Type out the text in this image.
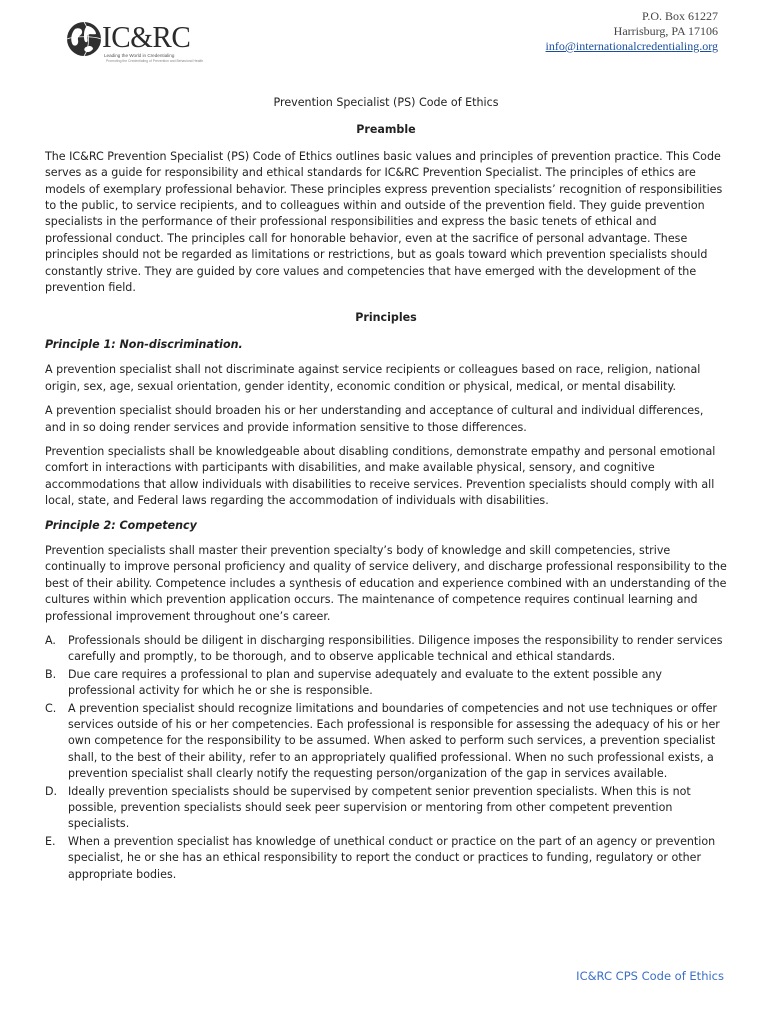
IC&RC
Leading the World in Credentialing
Promoting the Credentialing of Prevention and Behavioral Health
P.O. Box 61227
Harrisburg, PA 17106
info@internationalcredentialing.org
Prevention Specialist (PS) Code of Ethics
Preamble

The IC&RC Prevention Specialist (PS) Code of Ethics outlines basic values and principles of prevention practice. This Code serves as a guide for responsibility and ethical standards for IC&RC Prevention Specialist. The principles of ethics are models of exemplary professional behavior. These principles express prevention specialists’ recognition of responsibilities to the public, to service recipients, and to colleagues within and outside of the prevention field. They guide prevention specialists in the performance of their professional responsibilities and express the basic tenets of ethical and professional conduct. The principles call for honorable behavior, even at the sacrifice of personal advantage. These principles should not be regarded as limitations or restrictions, but as goals toward which prevention specialists should constantly strive. They are guided by core values and competencies that have emerged with the development of the prevention field.

Principles
Principle 1: Non-discrimination.

A prevention specialist shall not discriminate against service recipients or colleagues based on race, religion, national origin, sex, age, sexual orientation, gender identity, economic condition or physical, medical, or mental disability.

A prevention specialist should broaden his or her understanding and acceptance of cultural and individual differences, and in so doing render services and provide information sensitive to those differences.

Prevention specialists shall be knowledgeable about disabling conditions, demonstrate empathy and personal emotional comfort in interactions with participants with disabilities, and make available physical, sensory, and cognitive accommodations that allow individuals with disabilities to receive services. Prevention specialists should comply with all local, state, and Federal laws regarding the accommodation of individuals with disabilities.

Principle 2: Competency

Prevention specialists shall master their prevention specialty’s body of knowledge and skill competencies, strive continually to improve personal proficiency and quality of service delivery, and discharge professional responsibility to the best of their ability. Competence includes a synthesis of education and experience combined with an understanding of the cultures within which prevention application occurs. The maintenance of competence requires continual learning and professional improvement throughout one’s career.

A. Professionals should be diligent in discharging responsibilities. Diligence imposes the responsibility to render services carefully and promptly, to be thorough, and to observe applicable technical and ethical standards.
B. Due care requires a professional to plan and supervise adequately and evaluate to the extent possible any professional activity for which he or she is responsible.
C. A prevention specialist should recognize limitations and boundaries of competencies and not use techniques or offer services outside of his or her competencies. Each professional is responsible for assessing the adequacy of his or her own competence for the responsibility to be assumed. When asked to perform such services, a prevention specialist shall, to the best of their ability, refer to an appropriately qualified professional. When no such professional exists, a prevention specialist shall clearly notify the requesting person/organization of the gap in services available.
D. Ideally prevention specialists should be supervised by competent senior prevention specialists. When this is not possible, prevention specialists should seek peer supervision or mentoring from other competent prevention specialists.
E. When a prevention specialist has knowledge of unethical conduct or practice on the part of an agency or prevention specialist, he or she has an ethical responsibility to report the conduct or practices to funding, regulatory or other appropriate bodies.
IC&RC CPS Code of Ethics
